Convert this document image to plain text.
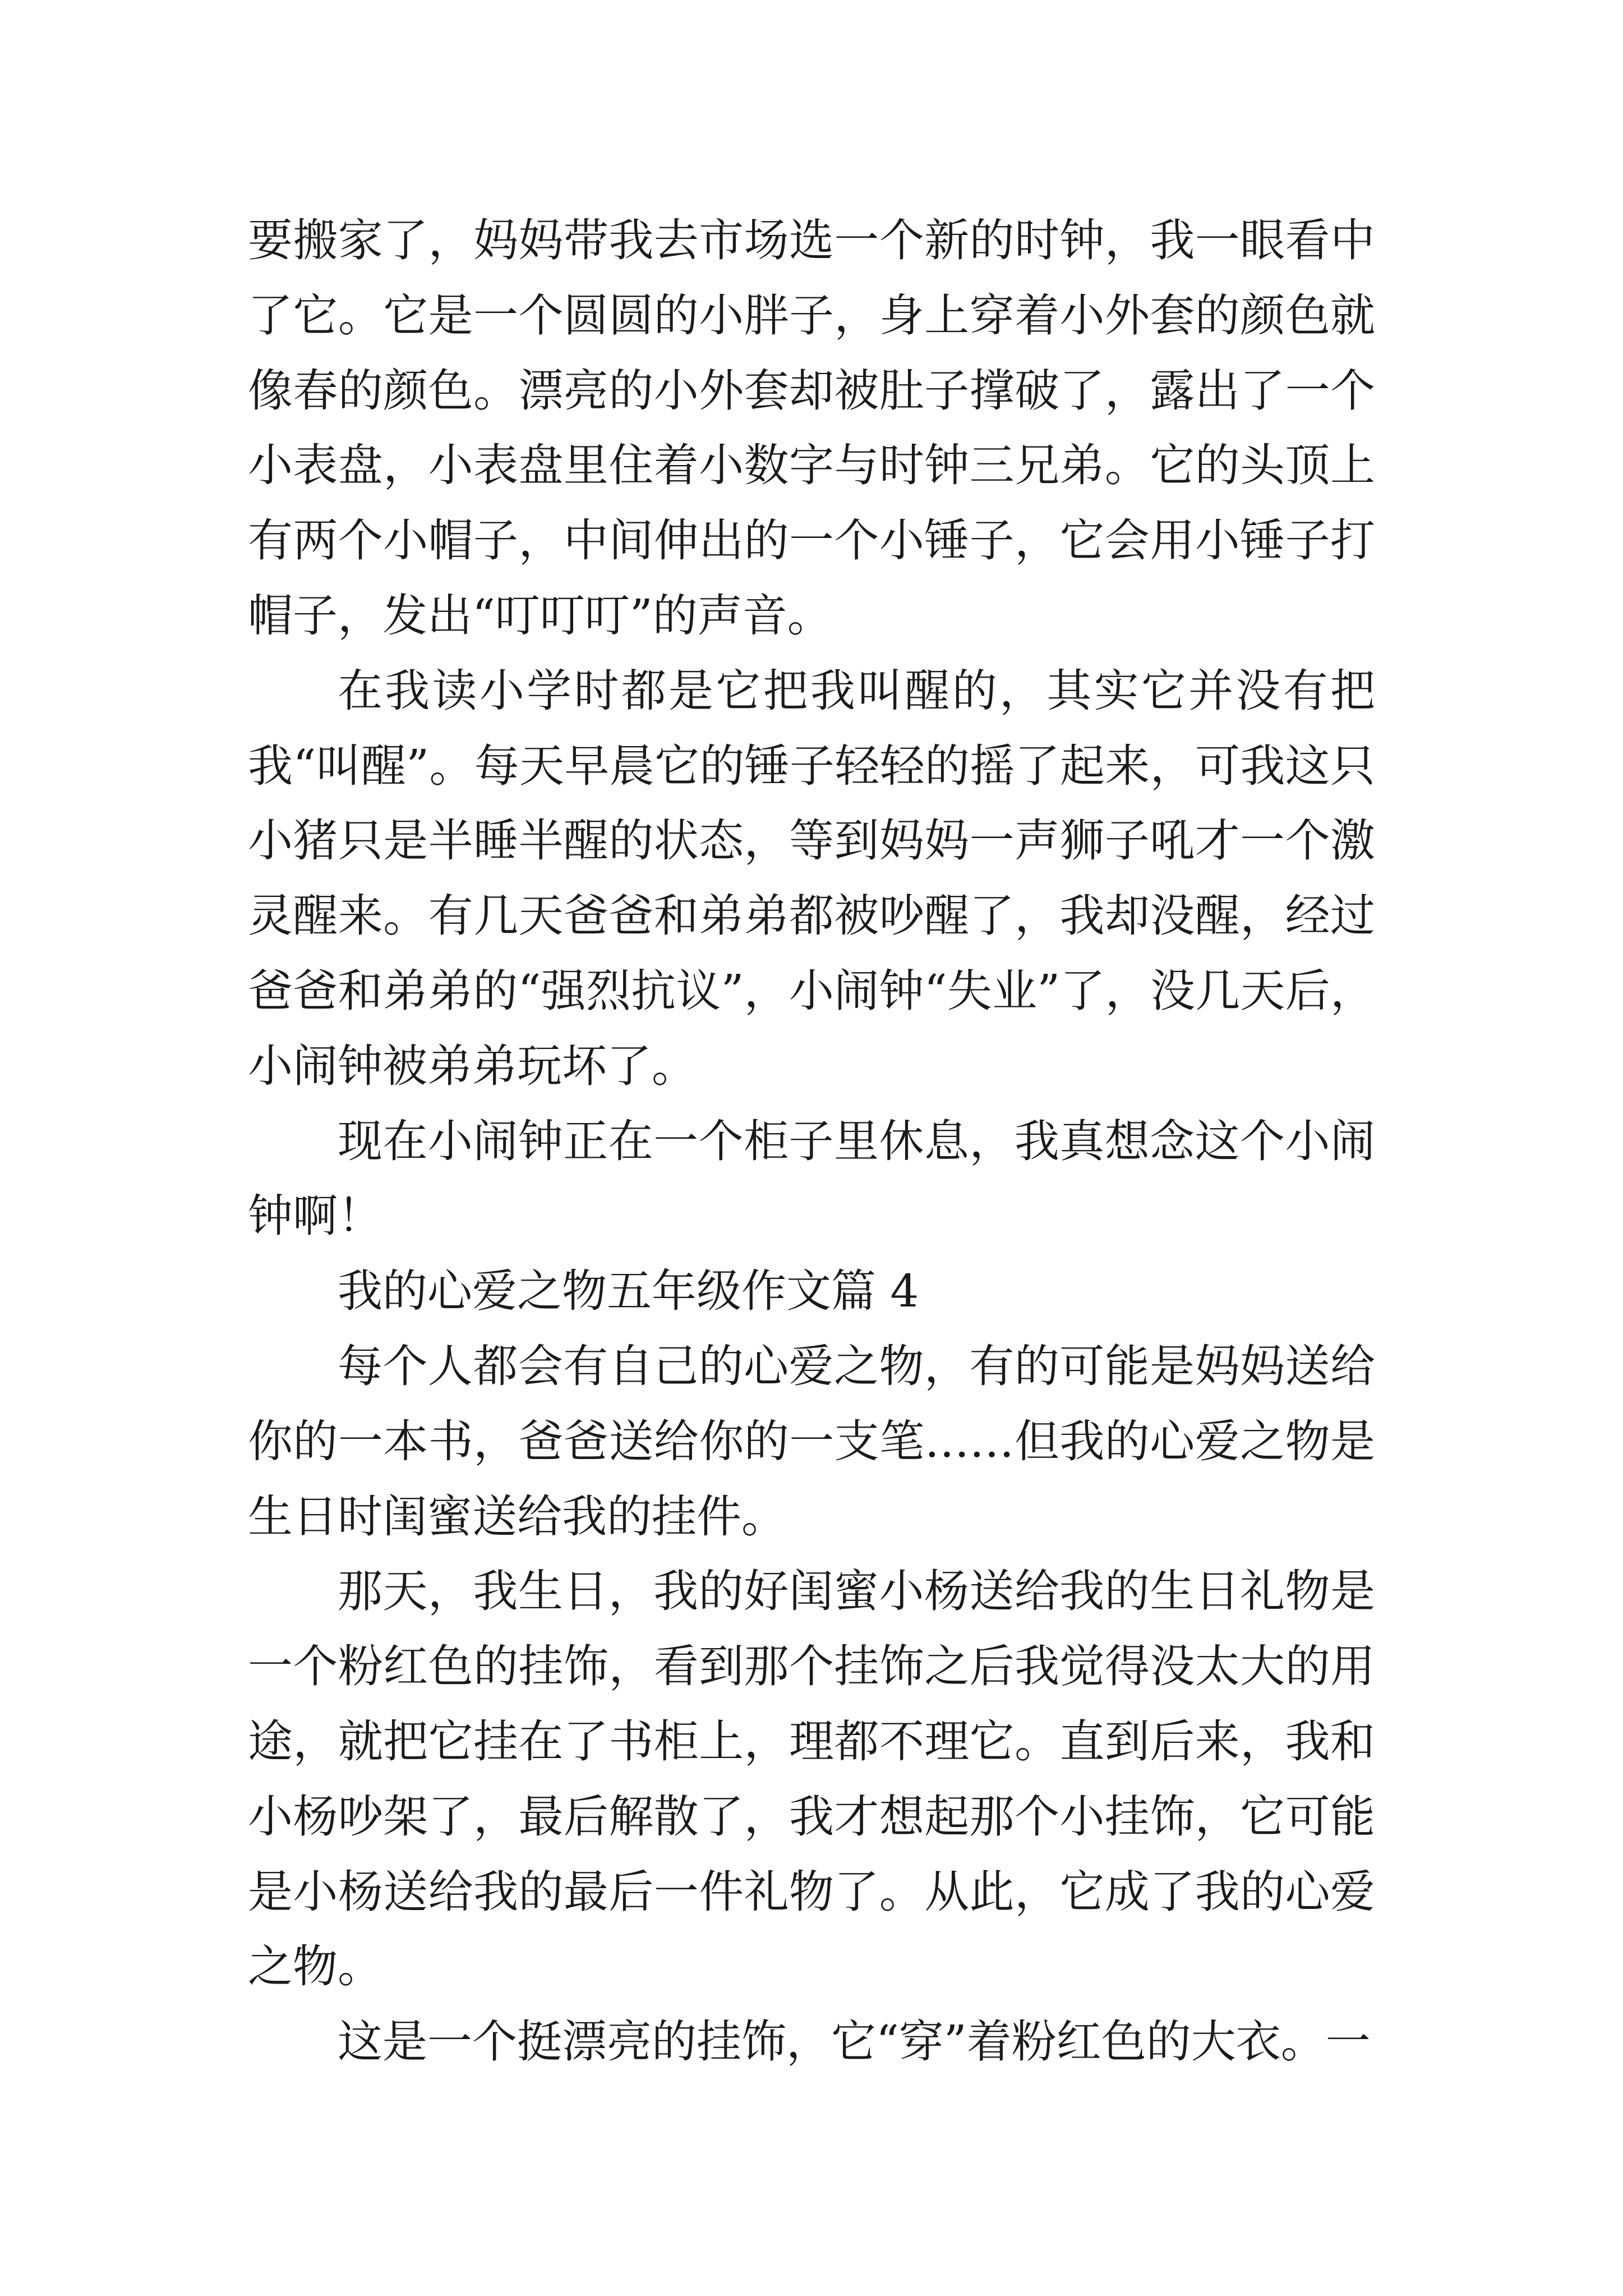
要搬家了，妈妈带我去市场选一个新的时钟，我一眼看中了它。它是一个圆圆的小胖子，身上穿着小外套的颜色就像春的颜色。漂亮的小外套却被肚子撑破了，露出了一个小表盘，小表盘里住着小数字与时钟三兄弟。它的头顶上有两个小帽子，中间伸出的一个小锤子，它会用小锤子打帽子，发出“叮叮叮”的声音。

在我读小学时都是它把我叫醒的，其实它并没有把我“叫醒”。每天早晨它的锤子轻轻的摇了起来，可我这只小猪只是半睡半醒的状态，等到妈妈一声狮子吼才一个激灵醒来。有几天爸爸和弟弟都被吵醒了，我却没醒，经过爸爸和弟弟的“强烈抗议”，小闹钟“失业”了，没几天后，小闹钟被弟弟玩坏了。

现在小闹钟正在一个柜子里休息，我真想念这个小闹钟啊！

我的心爱之物五年级作文篇 4

每个人都会有自己的心爱之物，有的可能是妈妈送给你的一本书，爸爸送给你的一支笔……但我的心爱之物是生日时闺蜜送给我的挂件。

那天，我生日，我的好闺蜜小杨送给我的生日礼物是一个粉红色的挂饰，看到那个挂饰之后我觉得没太大的用途，就把它挂在了书柜上，理都不理它。直到后来，我和小杨吵架了，最后解散了，我才想起那个小挂饰，它可能是小杨送给我的最后一件礼物了。从此，它成了我的心爱之物。

这是一个挺漂亮的挂饰，它“穿”着粉红色的大衣。一
